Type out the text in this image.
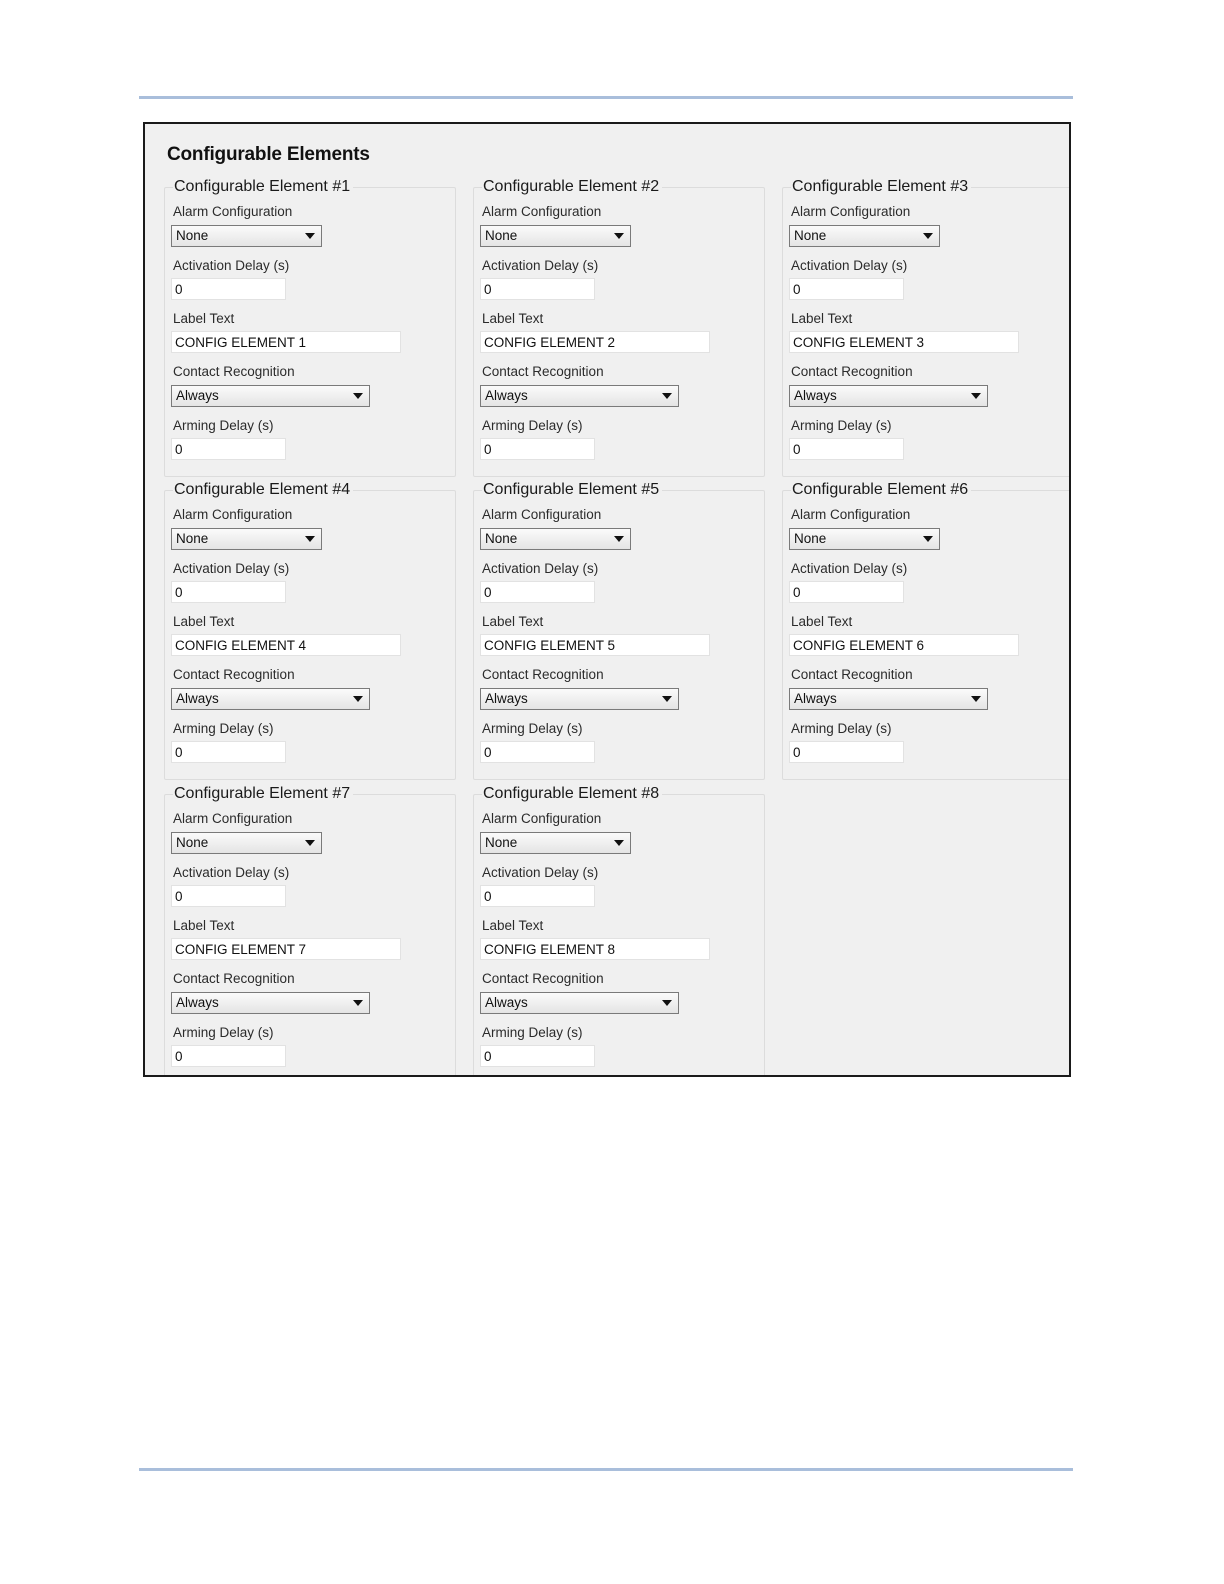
Configurable Elements
Configurable Element #1
Alarm Configuration
None
Activation Delay (s)
0
Label Text
CONFIG ELEMENT 1
Contact Recognition
Always
Arming Delay (s)
0
Configurable Element #2
Alarm Configuration
None
Activation Delay (s)
0
Label Text
CONFIG ELEMENT 2
Contact Recognition
Always
Arming Delay (s)
0
Configurable Element #3
Alarm Configuration
None
Activation Delay (s)
0
Label Text
CONFIG ELEMENT 3
Contact Recognition
Always
Arming Delay (s)
0
Configurable Element #4
Alarm Configuration
None
Activation Delay (s)
0
Label Text
CONFIG ELEMENT 4
Contact Recognition
Always
Arming Delay (s)
0
Configurable Element #5
Alarm Configuration
None
Activation Delay (s)
0
Label Text
CONFIG ELEMENT 5
Contact Recognition
Always
Arming Delay (s)
0
Configurable Element #6
Alarm Configuration
None
Activation Delay (s)
0
Label Text
CONFIG ELEMENT 6
Contact Recognition
Always
Arming Delay (s)
0
Configurable Element #7
Alarm Configuration
None
Activation Delay (s)
0
Label Text
CONFIG ELEMENT 7
Contact Recognition
Always
Arming Delay (s)
0
Configurable Element #8
Alarm Configuration
None
Activation Delay (s)
0
Label Text
CONFIG ELEMENT 8
Contact Recognition
Always
Arming Delay (s)
0
